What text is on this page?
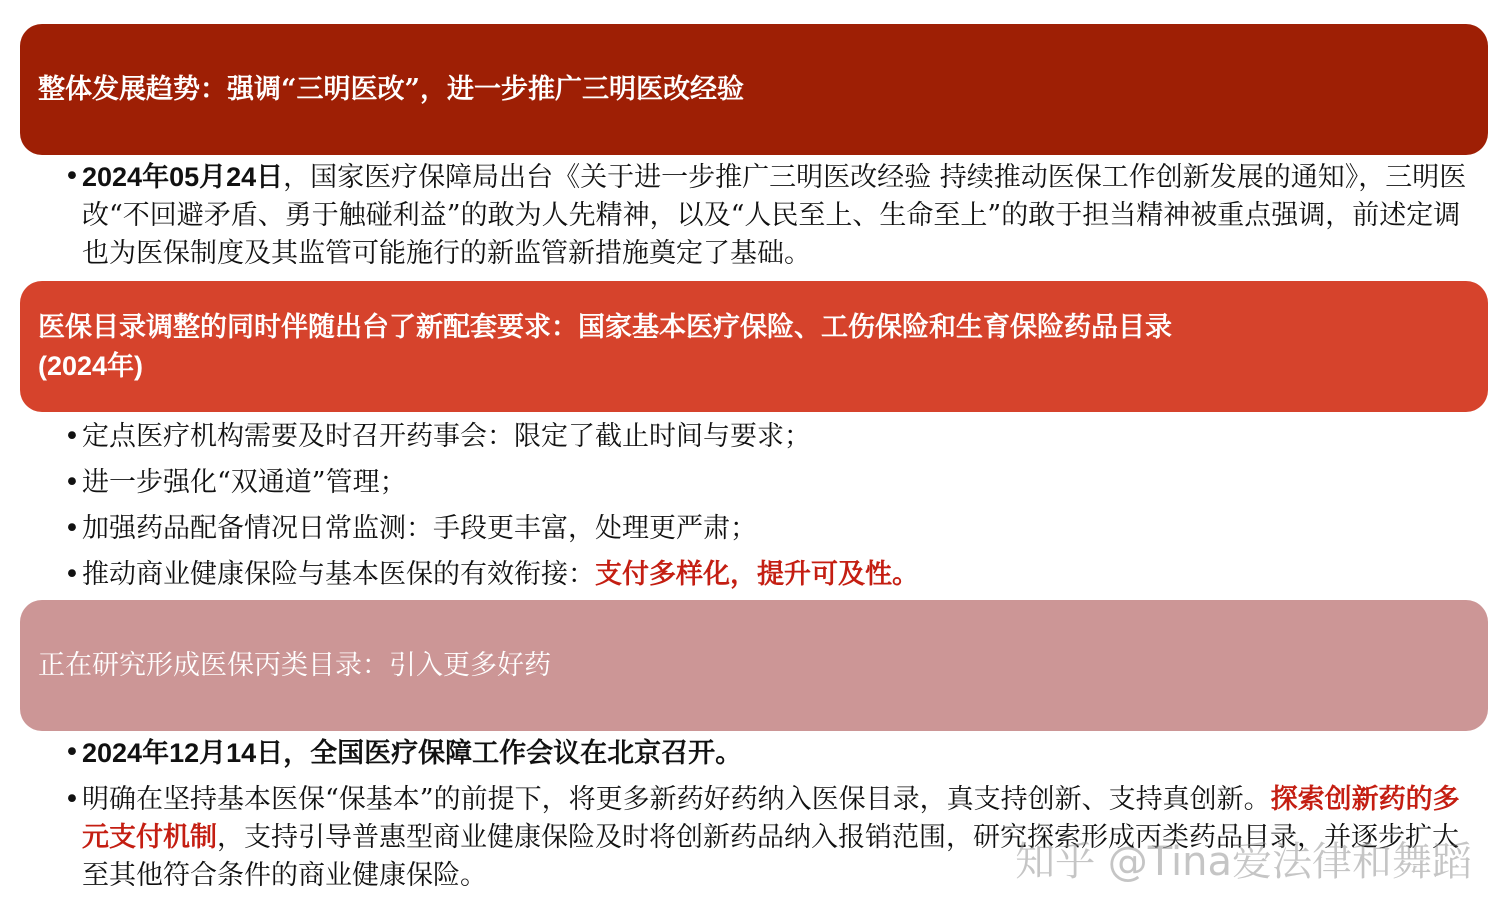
整体发展趋势：强调“三明医改”，进一步推广三明医改经验
• 2024年05月24日，国家医疗保障局出台《关于进一步推广三明医改经验 持续推动医保工作创新发展的通知》，三明医改“不回避矛盾、勇于触碰利益”的敢为人先精神，以及“人民至上、生命至上”的敢于担当精神被重点强调，前述定调也为医保制度及其监管可能施行的新监管新措施奠定了基础。
医保目录调整的同时伴随出台了新配套要求：国家基本医疗保险、工伤保险和生育保险药品目录
(2024年)
• 定点医疗机构需要及时召开药事会：限定了截止时间与要求；
• 进一步强化“双通道”管理；
• 加强药品配备情况日常监测：手段更丰富，处理更严肃；
• 推动商业健康保险与基本医保的有效衔接：支付多样化，提升可及性。
正在研究形成医保丙类目录：引入更多好药
• 2024年12月14日，全国医疗保障工作会议在北京召开。
• 明确在坚持基本医保“保基本”的前提下，将更多新药好药纳入医保目录，真支持创新、支持真创新。探索创新药的多元支付机制，支持引导普惠型商业健康保险及时将创新药品纳入报销范围，研究探索形成丙类药品目录，并逐步扩大至其他符合条件的商业健康保险。	知乎 @Tina爱法律和舞蹈
